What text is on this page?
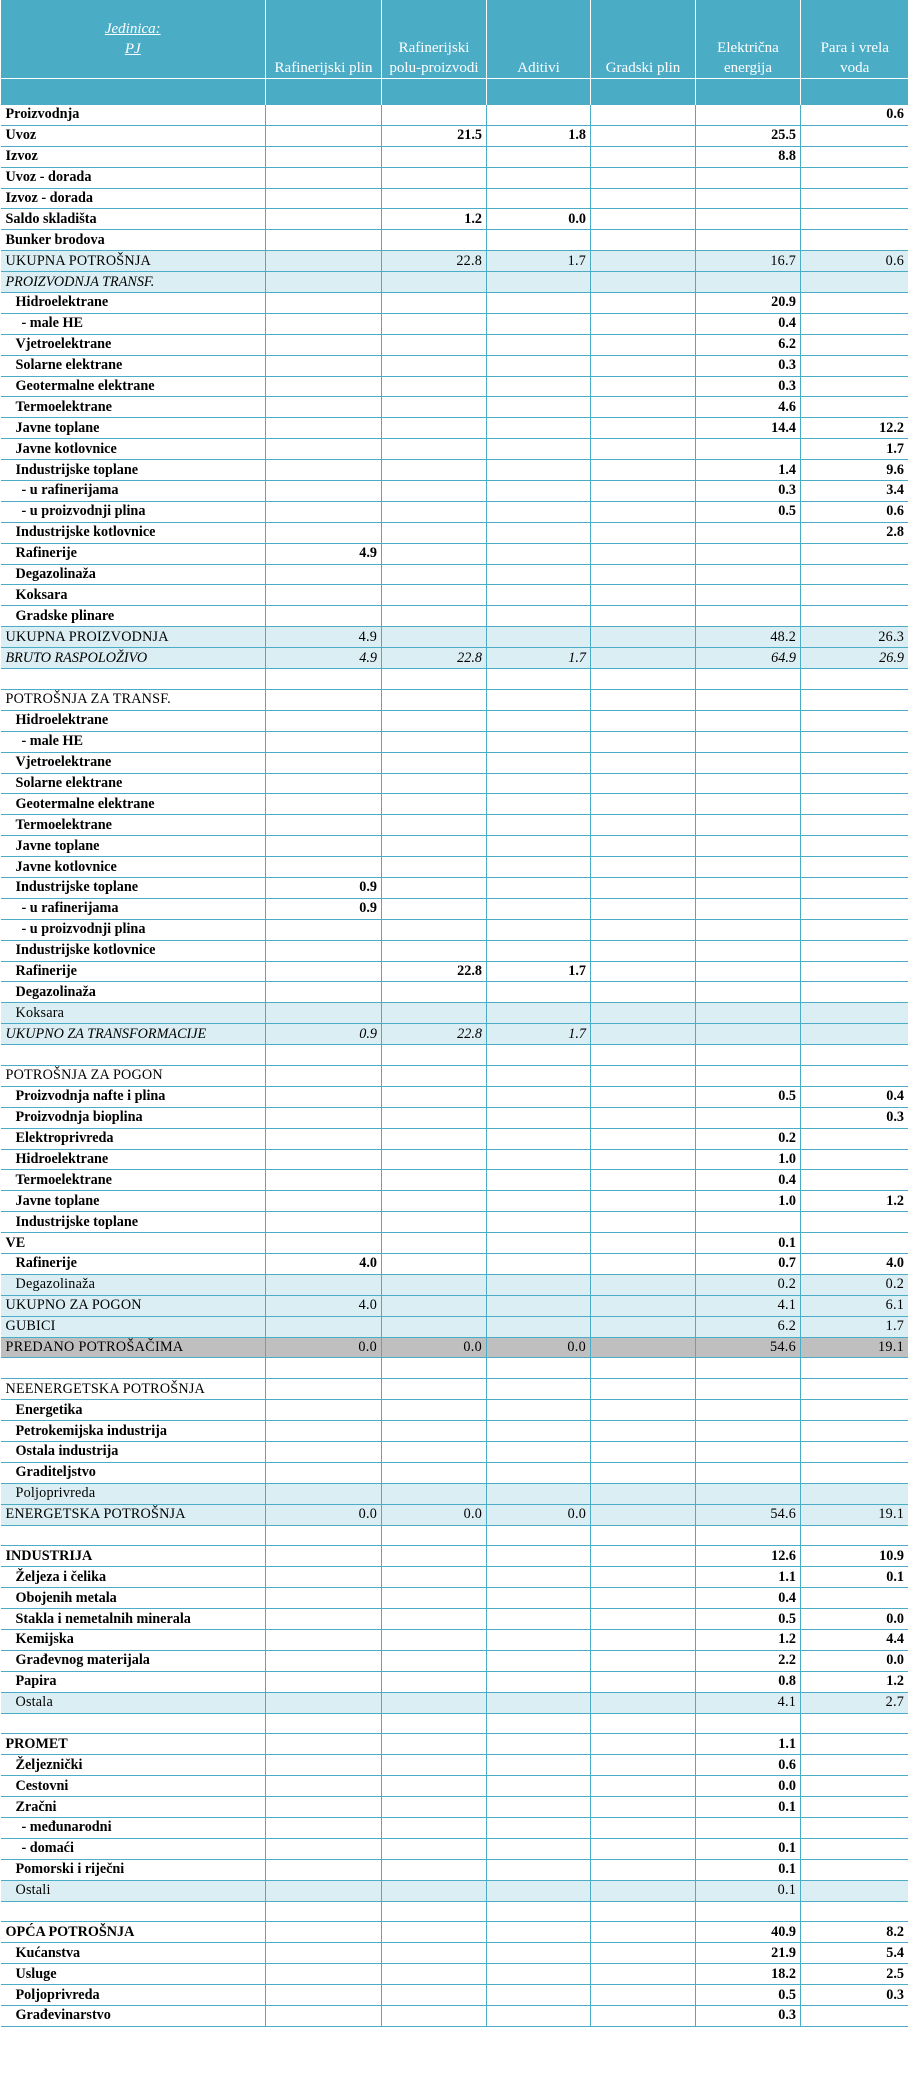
Jedinica:
PJ	Rafinerijski plin	Rafinerijski polu-proizvodi	Aditivi	Gradski plin	Električna energija	Para i vrela voda

Proizvodnja						0.6
Uvoz		21.5	1.8		25.5	
Izvoz					8.8	
Uvoz - dorada						
Izvoz - dorada						
Saldo skladišta		1.2	0.0			
Bunker brodova						
UKUPNA POTROŠNJA		22.8	1.7		16.7	0.6
PROIZVODNJA TRANSF.						
Hidroelektrane					20.9	
- male HE					0.4	
Vjetroelektrane					6.2	
Solarne elektrane					0.3	
Geotermalne elektrane					0.3	
Termoelektrane					4.6	
Javne toplane					14.4	12.2
Javne kotlovnice						1.7
Industrijske toplane					1.4	9.6
- u rafinerijama					0.3	3.4
- u proizvodnji plina					0.5	0.6
Industrijske kotlovnice						2.8
Rafinerije	4.9					
Degazolinaža						
Koksara						
Gradske plinare						
UKUPNA PROIZVODNJA	4.9				48.2	26.3
BRUTO RASPOLOŽIVO	4.9	22.8	1.7		64.9	26.9

POTROŠNJA ZA TRANSF.						
Hidroelektrane						
- male HE						
Vjetroelektrane						
Solarne elektrane						
Geotermalne elektrane						
Termoelektrane						
Javne toplane						
Javne kotlovnice						
Industrijske toplane	0.9					
- u rafinerijama	0.9					
- u proizvodnji plina						
Industrijske kotlovnice						
Rafinerije		22.8	1.7			
Degazolinaža						
Koksara						
UKUPNO ZA TRANSFORMACIJE	0.9	22.8	1.7			

POTROŠNJA ZA POGON						
Proizvodnja nafte i plina					0.5	0.4
Proizvodnja bioplina						0.3
Elektroprivreda					0.2	
Hidroelektrane					1.0	
Termoelektrane					0.4	
Javne toplane					1.0	1.2
Industrijske toplane						
VE					0.1	
Rafinerije	4.0				0.7	4.0
Degazolinaža					0.2	0.2
UKUPNO ZA POGON	4.0				4.1	6.1
GUBICI					6.2	1.7
PREDANO POTROŠAČIMA	0.0	0.0	0.0		54.6	19.1

NEENERGETSKA POTROŠNJA						
Energetika						
Petrokemijska industrija						
Ostala industrija						
Graditeljstvo						
Poljoprivreda						
ENERGETSKA POTROŠNJA	0.0	0.0	0.0		54.6	19.1

INDUSTRIJA					12.6	10.9
Željeza i čelika					1.1	0.1
Obojenih metala					0.4	
Stakla i nemetalnih minerala					0.5	0.0
Kemijska					1.2	4.4
Građevnog materijala					2.2	0.0
Papira					0.8	1.2
Ostala					4.1	2.7

PROMET					1.1	
Željeznički					0.6	
Cestovni					0.0	
Zračni					0.1	
- međunarodni						
- domaći					0.1	
Pomorski i riječni					0.1	
Ostali					0.1	

OPĆA POTROŠNJA					40.9	8.2
Kućanstva					21.9	5.4
Usluge					18.2	2.5
Poljoprivreda					0.5	0.3
Građevinarstvo					0.3	
